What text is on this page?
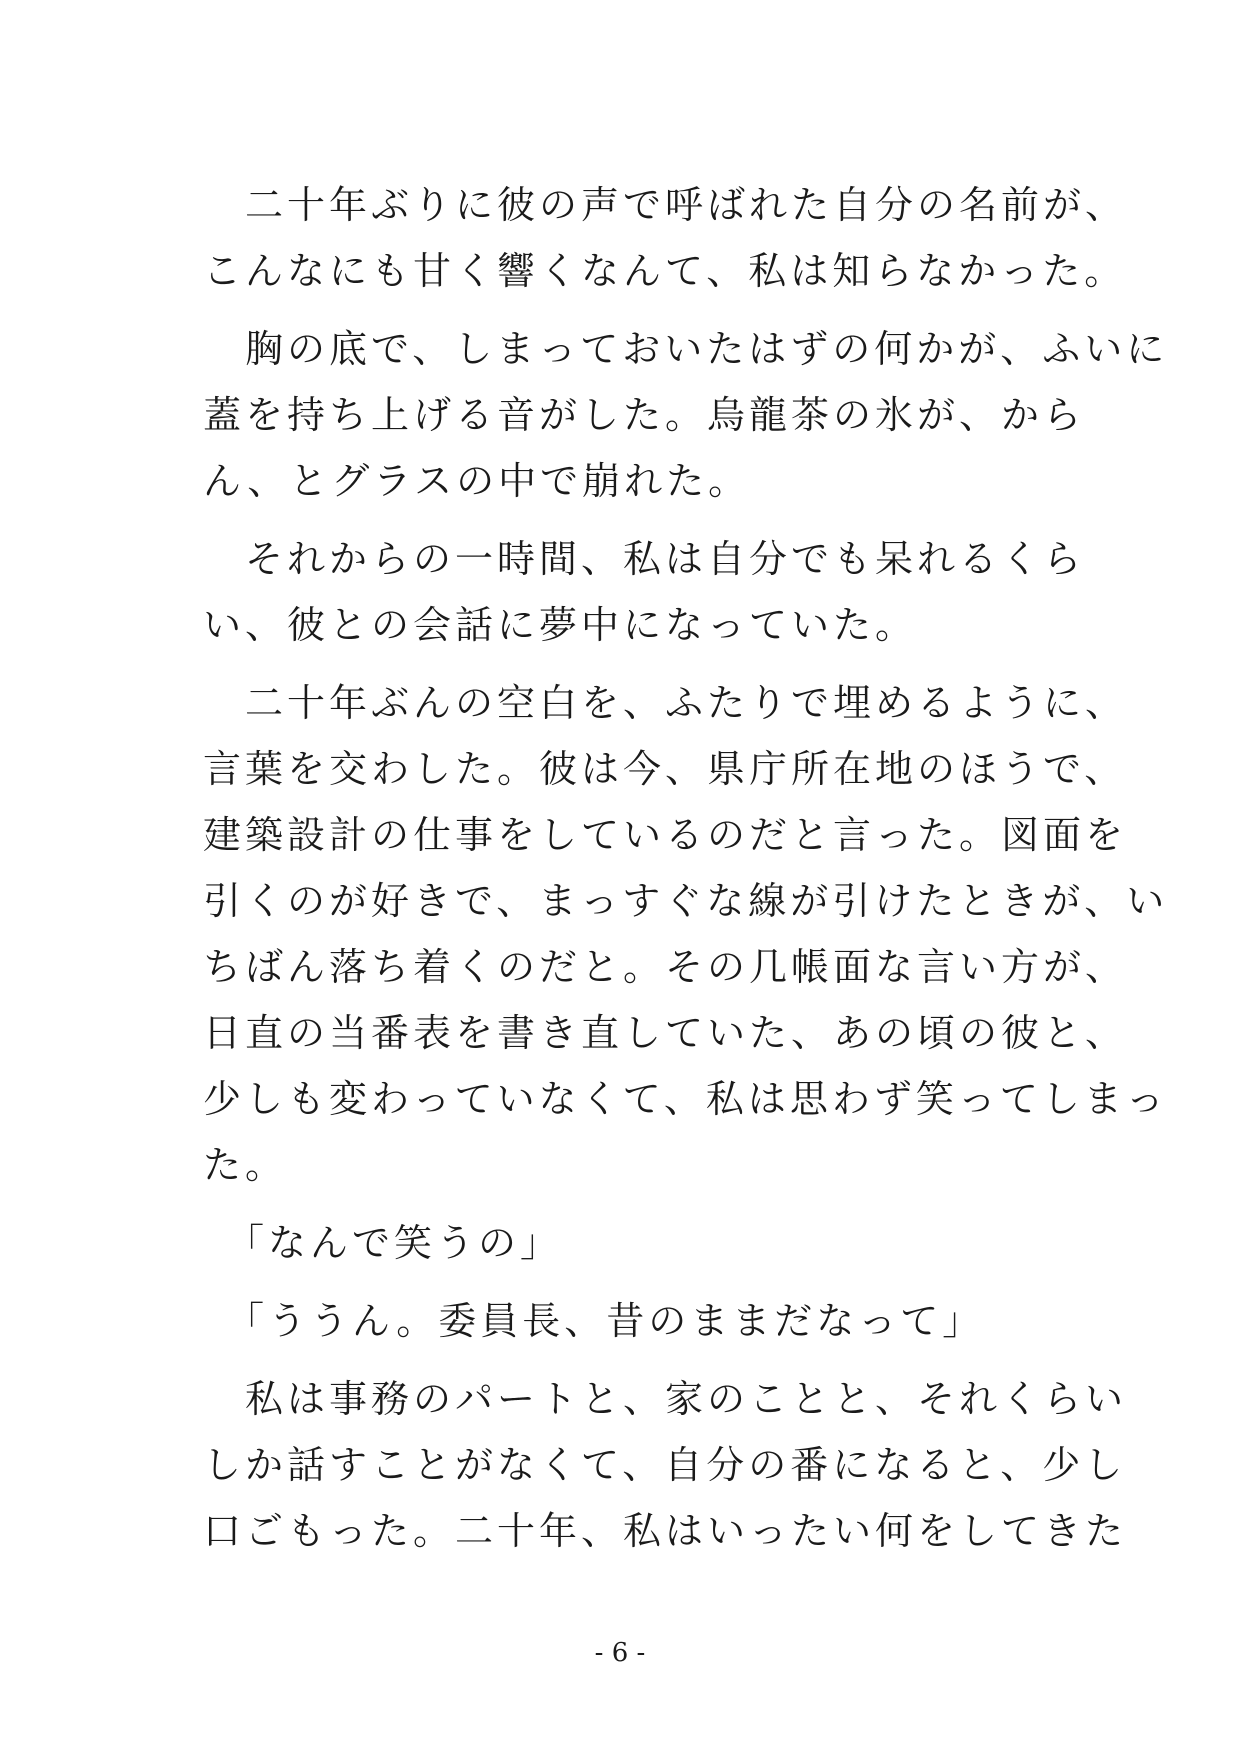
　二十年ぶりに彼の声で呼ばれた自分の名前が、
こんなにも甘く響くなんて、私は知らなかった。
　胸の底で、しまっておいたはずの何かが、ふいに
蓋を持ち上げる音がした。烏龍茶の氷が、から
ん、とグラスの中で崩れた。
　それからの一時間、私は自分でも呆れるくら
い、彼との会話に夢中になっていた。
　二十年ぶんの空白を、ふたりで埋めるように、
言葉を交わした。彼は今、県庁所在地のほうで、
建築設計の仕事をしているのだと言った。図面を
引くのが好きで、まっすぐな線が引けたときが、い
ちばん落ち着くのだと。その几帳面な言い方が、
日直の当番表を書き直していた、あの頃の彼と、
少しも変わっていなくて、私は思わず笑ってしまっ
た。
　「なんで笑うの」
　「ううん。委員長、昔のままだなって」
　私は事務のパートと、家のことと、それくらい
しか話すことがなくて、自分の番になると、少し
口ごもった。二十年、私はいったい何をしてきた
- 6 -
